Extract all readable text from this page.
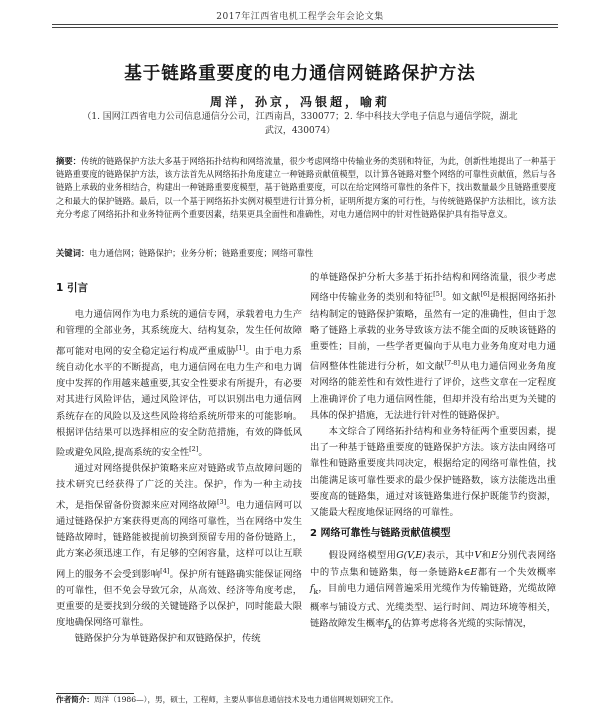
2017年江西省电机工程学会年会论文集
基于链路重要度的电力通信网链路保护方法
周洋，孙京，冯银超，喻莉
（1. 国网江西省电力公司信息通信分公司，江西南昌，330077；2. 华中科技大学电子信息与通信学院，湖北武汉，430074）

摘要：传统的链路保护方法大多基于网络拓扑结构和网络流量，很少考虑网络中传输业务的类别和特征，为此，创新性地提出了一种基于链路重要度的链路保护方法，该方法首先从网络拓扑角度建立一种链路贡献值模型，以计算各链路对整个网络的可靠性贡献值，然后与各链路上承载的业务相结合，构建出一种链路重要度模型，基于链路重要度，可以在给定网络可靠性的条件下，找出数量最少且链路重要度之和最大的保护链路。最后，以一个基于网络拓扑实例对模型进行计算分析，证明所提方案的可行性，与传统链路保护方法相比，该方法充分考虑了网络拓扑和业务特征两个重要因素，结果更具全面性和准确性，对电力通信网中的针对性链路保护具有指导意义。

关键词：电力通信网；链路保护；业务分析；链路重要度；网络可靠性

1 引言

电力通信网作为电力系统的通信专网，承载着电力生产和管理的全部业务，其系统庞大、结构复杂，发生任何故障都可能对电网的安全稳定运行构成严重威胁[1]。由于电力系统自动化水平的不断提高，电力通信网在电力生产和电力调度中发挥的作用越来越重要,其安全性要求有所提升，有必要对其进行风险评估，通过风险评估，可以识别出电力通信网系统存在的风险以及这些风险将给系统所带来的可能影响。根据评估结果可以选择相应的安全防范措施，有效的降低风险或避免风险,提高系统的安全性[2]。

通过对网络提供保护策略来应对链路或节点故障问题的技术研究已经获得了广泛的关注。保护，作为一种主动技术，是指保留备份资源来应对网络故障[3]。电力通信网可以通过链路保护方案获得更高的网络可靠性，当在网络中发生链路故障时，链路能被提前切换到预留专用的备份链路上，此方案必须迅速工作，有足够的空闲容量，这样可以让互联网上的服务不会受到影响[4]。保护所有链路确实能保证网络的可靠性，但不免会导致冗余，从高效、经济等角度考虑，更重要的是要找到分级的关键链路予以保护，同时能最大限度地确保网络可靠性。

链路保护分为单链路保护和双链路保护，传统

的单链路保护分析大多基于拓扑结构和网络流量，很少考虑网络中传输业务的类别和特征[5]。如文献[6]是根据网络拓扑结构制定的链路保护策略，虽然有一定的准确性，但由于忽略了链路上承载的业务导致该方法不能全面的反映该链路的重要性；目前，一些学者更偏向于从电力业务角度对电力通信网整体性能进行分析，如文献[7-8]从电力通信网业务角度对网络的能差性和有效性进行了评价，这些文章在一定程度上准确评价了电力通信网性能，但却并没有给出更为关键的具体的保护措施，无法进行针对性的链路保护。

本文综合了网络拓扑结构和业务特征两个重要因素，提出了一种基于链路重要度的链路保护方法。该方法由网络可靠性和链路重要度共同决定，根据给定的网络可靠性值，找出能满足该可靠性要求的最少保护链路数，该方法能选出重要度高的链路集，通过对该链路集进行保护既能节约资源，又能最大程度地保证网络的可靠性。

2 网络可靠性与链路贡献值模型

假设网络模型用G(V,E)表示，其中V和E分别代表网络中的节点集和链路集，每一条链路k∈E都有一个失效概率$f_k$，目前电力通信网普遍采用光缆作为传输链路，光缆故障概率与铺设方式、光缆类型、运行时间、周边环境等相关，链路故障发生概率$f_k$的估算考虑将各光缆的实际情况，

作者简介：周洋（1986—），男，硕士，工程师，主要从事信息通信技术及电力通信网规划研究工作。
